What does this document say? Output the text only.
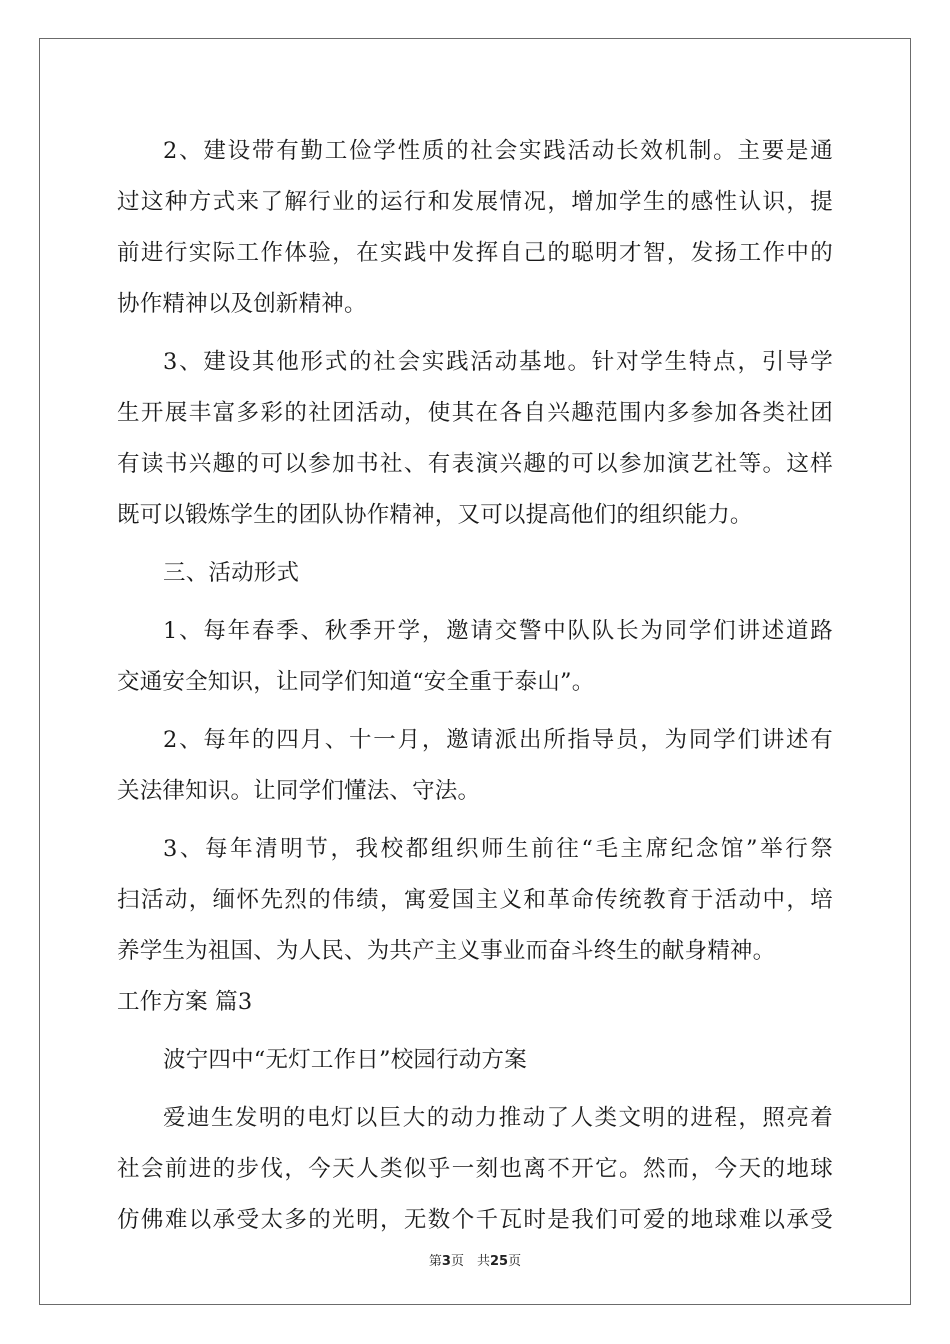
2、建设带有勤工俭学性质的社会实践活动长效机制。主要是通
过这种方式来了解行业的运行和发展情况，增加学生的感性认识，提
前进行实际工作体验，在实践中发挥自己的聪明才智，发扬工作中的
协作精神以及创新精神。
3、建设其他形式的社会实践活动基地。针对学生特点，引导学
生开展丰富多彩的社团活动，使其在各自兴趣范围内多参加各类社团
有读书兴趣的可以参加书社、有表演兴趣的可以参加演艺社等。这样
既可以锻炼学生的团队协作精神，又可以提高他们的组织能力。
三、活动形式
1、每年春季、秋季开学，邀请交警中队队长为同学们讲述道路
交通安全知识，让同学们知道“安全重于泰山”。
2、每年的四月、十一月，邀请派出所指导员，为同学们讲述有
关法律知识。让同学们懂法、守法。
3、每年清明节，我校都组织师生前往“毛主席纪念馆”举行祭
扫活动，缅怀先烈的伟绩，寓爱国主义和革命传统教育于活动中，培
养学生为祖国、为人民、为共产主义事业而奋斗终生的献身精神。
工作方案 篇3
波宁四中“无灯工作日”校园行动方案
爱迪生发明的电灯以巨大的动力推动了人类文明的进程，照亮着
社会前进的步伐，今天人类似乎一刻也离不开它。然而，今天的地球
仿佛难以承受太多的光明，无数个千瓦时是我们可爱的地球难以承受
第3页　共25页
